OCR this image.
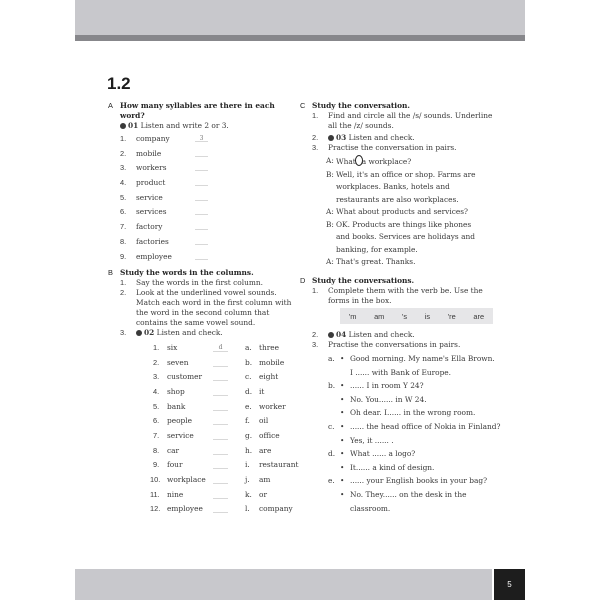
1.2
A How many syllables are there in each word?
01 Listen and write 2 or 3.
1. company	3
2. mobile
3. workers
4. product
5. service
6. services
7. factory
8. factories
9. employee
B Study the words in the columns.
1. Say the words in the first column.
2. Look at the underlined vowel sounds. Match each word in the first column with the word in the second column that contains the same vowel sound.
3. 02 Listen and check.
1. six	d	a. three
2. seven	b. mobile
3. customer	c. eight
4. shop	d. it
5. bank	e. worker
6. people	f. oil
7. service	g. office
8. car	h. are
9. four	i. restaurant
10. workplace	j. am
11. nine	k. or
12. employee	l. company
C Study the conversation.
1. Find and circle all the /s/ sounds. Underline all the /z/ sounds.
2. 03 Listen and check.
3. Practise the conversation in pairs.
A: What○a workplace?
B: Well, it's an office or shop. Farms are workplaces. Banks, hotels and restaurants are also workplaces.
A: What about products and services?
B: OK. Products are things like phones and books. Services are holidays and banking, for example.
A: That's great. Thanks.
D Study the conversations.
1. Complete them with the verb be. Use the forms in the box.
'm am 's is 're are
2. 04 Listen and check.
3. Practise the conversations in pairs.
a. • Good morning. My name's Ella Brown.
I ...... with Bank of Europe.
b. • ...... I in room Y 24?
• No. You...... in W 24.
• Oh dear. I...... in the wrong room.
c. • ...... the head office of Nokia in Finland?
• Yes, it ...... .
d. • What ...... a logo?
• It...... a kind of design.
e. • ...... your English books in your bag?
• No. They...... on the desk in the
classroom.
5
